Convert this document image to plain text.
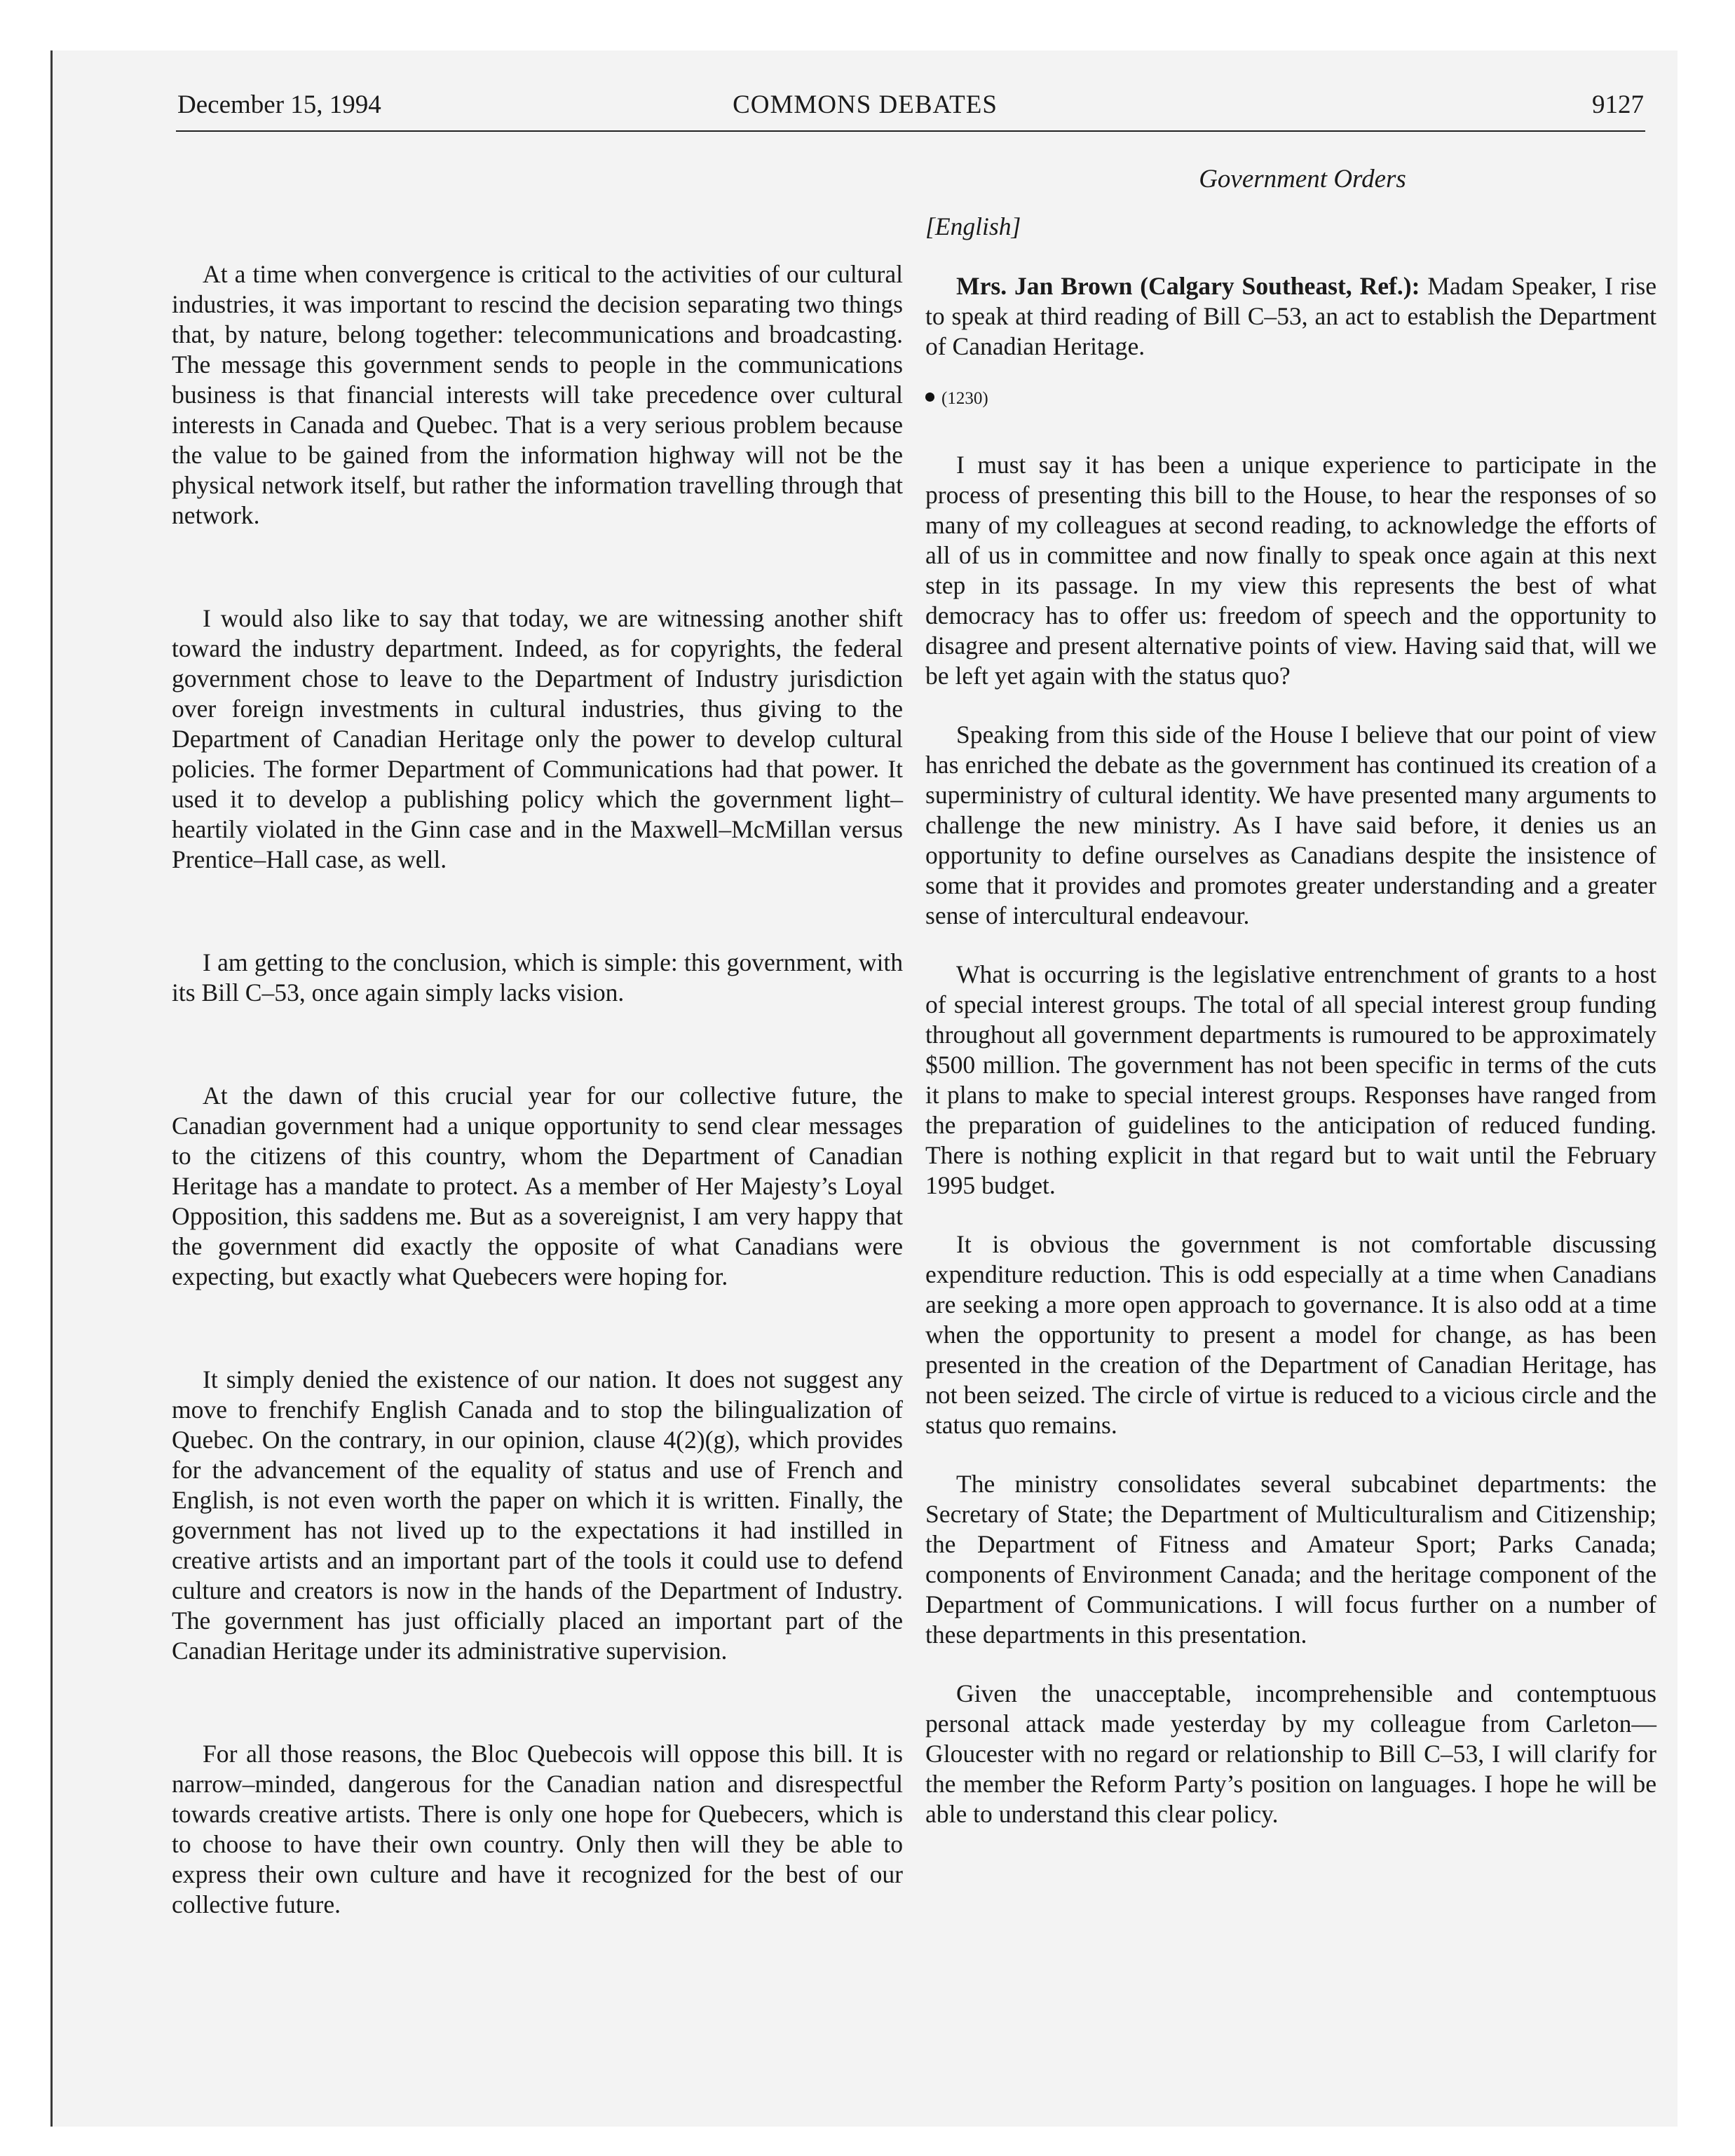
December 15, 1994	COMMONS DEBATES	9127
Government Orders

At a time when convergence is critical to the activities of our cultural industries, it was important to rescind the decision separating two things that, by nature, belong together: telecommunications and broadcasting. The message this government sends to people in the communications business is that financial interests will take precedence over cultural interests in Canada and Quebec. That is a very serious problem because the value to be gained from the information highway will not be the physical network itself, but rather the information travelling through that network.

I would also like to say that today, we are witnessing another shift toward the industry department. Indeed, as for copyrights, the federal government chose to leave to the Department of Industry jurisdiction over foreign investments in cultural industries, thus giving to the Department of Canadian Heritage only the power to develop cultural policies. The former Department of Communications had that power. It used it to develop a publishing policy which the government light–heartily violated in the Ginn case and in the Maxwell–McMillan versus Prentice–Hall case, as well.

I am getting to the conclusion, which is simple: this government, with its Bill C–53, once again simply lacks vision.

At the dawn of this crucial year for our collective future, the Canadian government had a unique opportunity to send clear messages to the citizens of this country, whom the Department of Canadian Heritage has a mandate to protect. As a member of Her Majesty’s Loyal Opposition, this saddens me. But as a sovereignist, I am very happy that the government did exactly the opposite of what Canadians were expecting, but exactly what Quebecers were hoping for.

It simply denied the existence of our nation. It does not suggest any move to frenchify English Canada and to stop the bilingualization of Quebec. On the contrary, in our opinion, clause 4(2)(g), which provides for the advancement of the equality of status and use of French and English, is not even worth the paper on which it is written. Finally, the government has not lived up to the expectations it had instilled in creative artists and an important part of the tools it could use to defend culture and creators is now in the hands of the Department of Industry. The government has just officially placed an important part of the Canadian Heritage under its administrative supervision.

For all those reasons, the Bloc Quebecois will oppose this bill. It is narrow–minded, dangerous for the Canadian nation and disrespectful towards creative artists. There is only one hope for Quebecers, which is to choose to have their own country. Only then will they be able to express their own culture and have it recognized for the best of our collective future.

[English]

Mrs. Jan Brown (Calgary Southeast, Ref.): Madam Speaker, I rise to speak at third reading of Bill C–53, an act to establish the Department of Canadian Heritage.

(1230)

I must say it has been a unique experience to participate in the process of presenting this bill to the House, to hear the responses of so many of my colleagues at second reading, to acknowledge the efforts of all of us in committee and now finally to speak once again at this next step in its passage. In my view this represents the best of what democracy has to offer us: freedom of speech and the opportunity to disagree and present alternative points of view. Having said that, will we be left yet again with the status quo?

Speaking from this side of the House I believe that our point of view has enriched the debate as the government has continued its creation of a superministry of cultural identity. We have presented many arguments to challenge the new ministry. As I have said before, it denies us an opportunity to define ourselves as Canadians despite the insistence of some that it provides and promotes greater understanding and a greater sense of intercultural endeavour.

What is occurring is the legislative entrenchment of grants to a host of special interest groups. The total of all special interest group funding throughout all government departments is rumoured to be approximately $500 million. The government has not been specific in terms of the cuts it plans to make to special interest groups. Responses have ranged from the preparation of guidelines to the anticipation of reduced funding. There is nothing explicit in that regard but to wait until the February 1995 budget.

It is obvious the government is not comfortable discussing expenditure reduction. This is odd especially at a time when Canadians are seeking a more open approach to governance. It is also odd at a time when the opportunity to present a model for change, as has been presented in the creation of the Department of Canadian Heritage, has not been seized. The circle of virtue is reduced to a vicious circle and the status quo remains.

The ministry consolidates several subcabinet departments: the Secretary of State; the Department of Multiculturalism and Citizenship; the Department of Fitness and Amateur Sport; Parks Canada; components of Environment Canada; and the heritage component of the Department of Communications. I will focus further on a number of these departments in this presentation.

Given the unacceptable, incomprehensible and contemptuous personal attack made yesterday by my colleague from Carleton—Gloucester with no regard or relationship to Bill C–53, I will clarify for the member the Reform Party’s position on languages. I hope he will be able to understand this clear policy.
